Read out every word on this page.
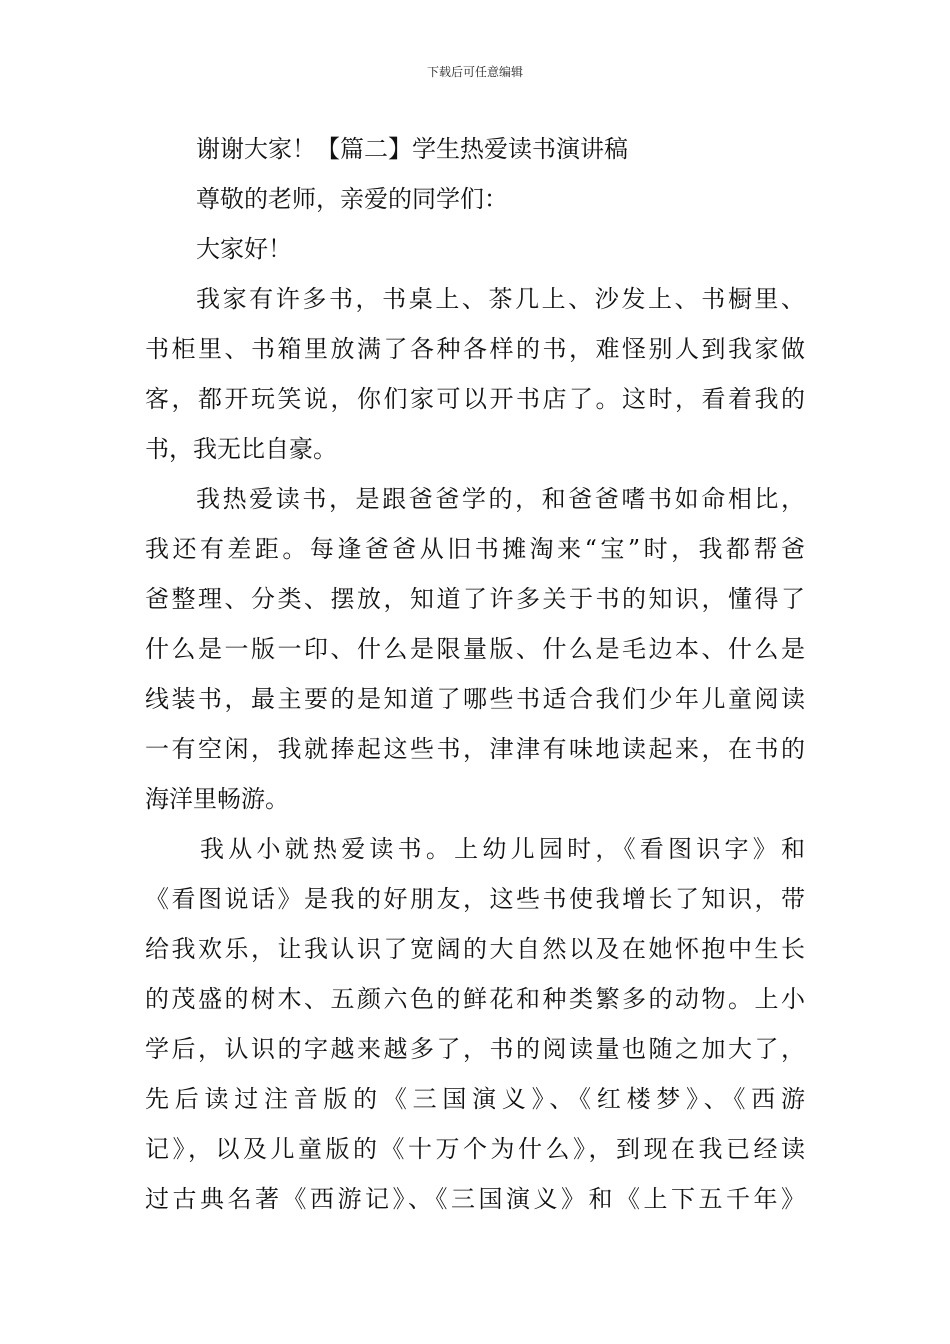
下载后可任意编辑
谢谢大家！【篇二】学生热爱读书演讲稿
尊敬的老师，亲爱的同学们：
大家好！
我家有许多书，书桌上、茶几上、沙发上、书橱里、
书柜里、书箱里放满了各种各样的书，难怪别人到我家做
客，都开玩笑说，你们家可以开书店了。这时，看着我的
书，我无比自豪。
我热爱读书，是跟爸爸学的，和爸爸嗜书如命相比，
我还有差距。每逢爸爸从旧书摊淘来“宝”时，我都帮爸
爸整理、分类、摆放，知道了许多关于书的知识，懂得了
什么是一版一印、什么是限量版、什么是毛边本、什么是
线装书，最主要的是知道了哪些书适合我们少年儿童阅读
一有空闲，我就捧起这些书，津津有味地读起来，在书的
海洋里畅游。
我从小就热爱读书。上幼儿园时，《看图识字》和
《看图说话》是我的好朋友，这些书使我增长了知识，带
给我欢乐，让我认识了宽阔的大自然以及在她怀抱中生长
的茂盛的树木、五颜六色的鲜花和种类繁多的动物。上小
学后，认识的字越来越多了，书的阅读量也随之加大了，
先后读过注音版的《三国演义》、《红楼梦》、《西游
记》，以及儿童版的《十万个为什么》，到现在我已经读
过古典名著《西游记》、《三国演义》和《上下五千年》
